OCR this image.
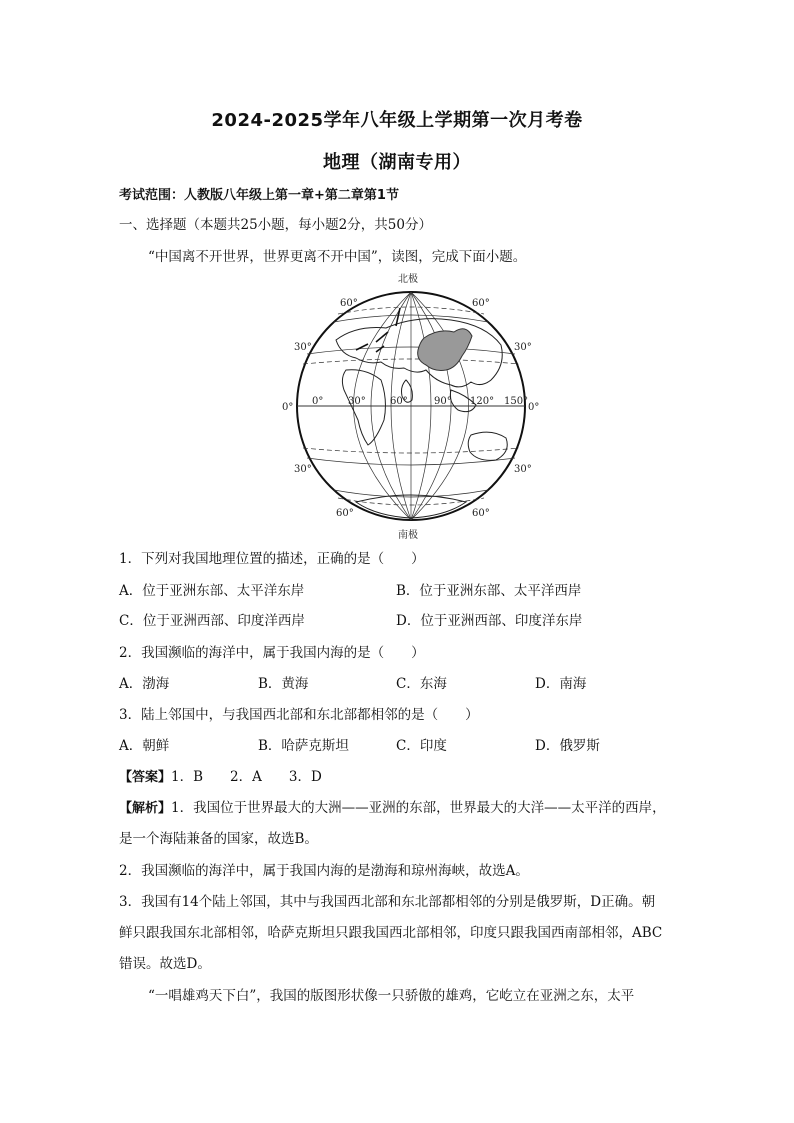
2024-2025学年八年级上学期第一次月考卷
地理（湖南专用）
考试范围：人教版八年级上第一章+第二章第1节
一、选择题（本题共25小题，每小题2分，共50分）
“中国离不开世界，世界更离不开中国”，读图，完成下面小题。
北极
南极
60°
30°
0°
30°
60°
60°
30°
0°
30°
60°
0° 30° 60°	90° 120° 150°
1．下列对我国地理位置的描述，正确的是（　　）
A．位于亚洲东部、太平洋东岸	B．位于亚洲东部、太平洋西岸
C．位于亚洲西部、印度洋西岸	D．位于亚洲西部、印度洋东岸
2．我国濒临的海洋中，属于我国内海的是（　　）
A．渤海	B．黄海	C．东海	D．南海
3．陆上邻国中，与我国西北部和东北部都相邻的是（　　）
A．朝鲜	B．哈萨克斯坦	C．印度	D．俄罗斯
【答案】1．B　　2．A　　3．D
【解析】1．我国位于世界最大的大洲——亚洲的东部，世界最大的大洋——太平洋的西岸，
是一个海陆兼备的国家，故选B。
2．我国濒临的海洋中，属于我国内海的是渤海和琼州海峡，故选A。
3．我国有14个陆上邻国，其中与我国西北部和东北部都相邻的分别是俄罗斯，D正确。朝
鲜只跟我国东北部相邻，哈萨克斯坦只跟我国西北部相邻，印度只跟我国西南部相邻，ABC
错误。故选D。
“一唱雄鸡天下白”，我国的版图形状像一只骄傲的雄鸡，它屹立在亚洲之东，太平
